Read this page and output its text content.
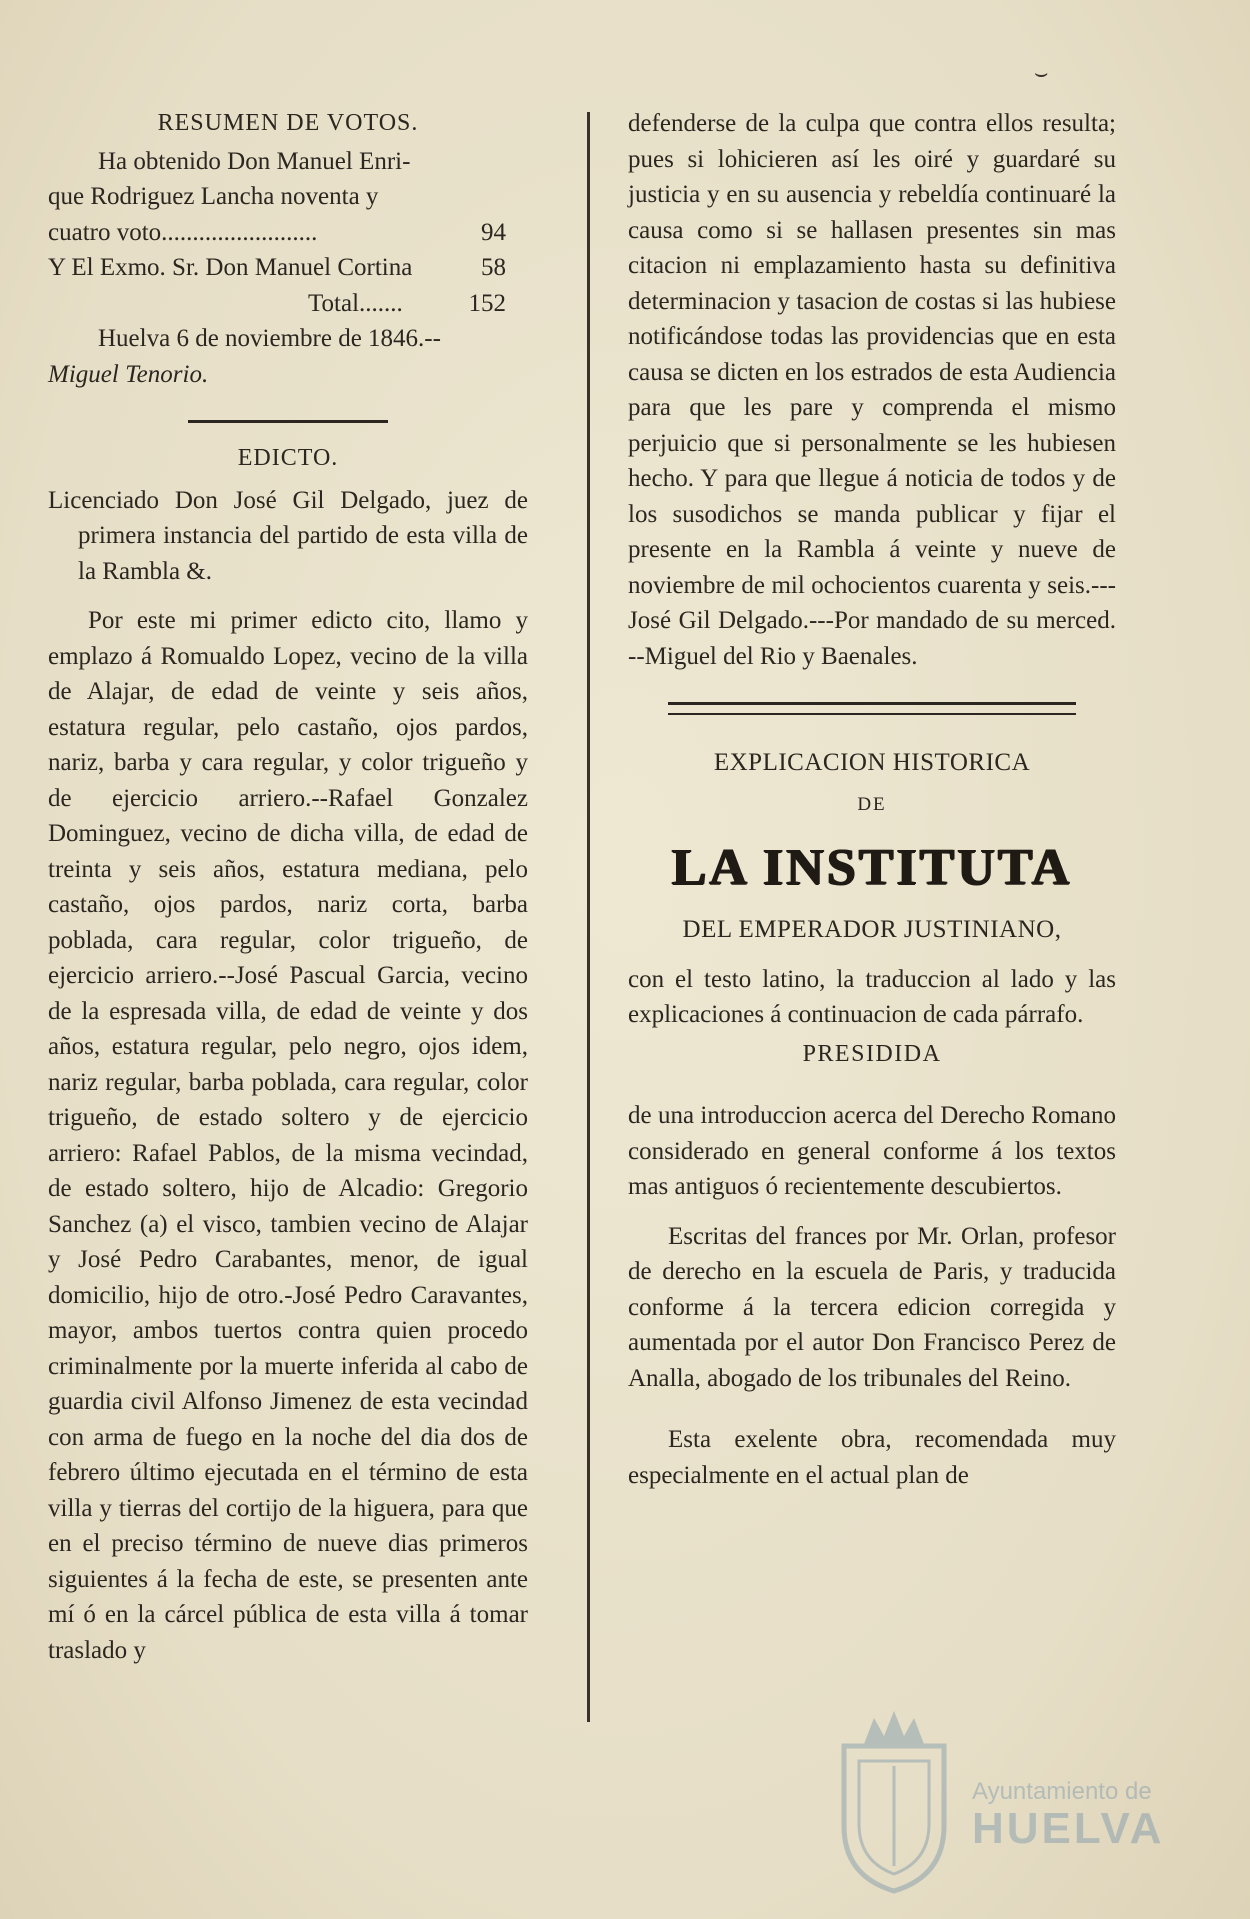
⌣
RESUMEN DE VOTOS.

Ha obtenido Don Manuel Enri-

que Rodriguez Lancha noventa y

cuatro voto.........................	94
Y El Exmo. Sr. Don Manuel Cortina	58
Total.......	152

Huelva 6 de noviembre de 1846.--

Miguel Tenorio.

EDICTO.

Licenciado Don José Gil Delgado, juez de primera instancia del partido de esta villa de la Rambla &.

Por este mi primer edicto cito, llamo y emplazo á Romualdo Lopez, vecino de la villa de Alajar, de edad de veinte y seis años, estatura regular, pelo castaño, ojos pardos, nariz, barba y cara regular, y color trigueño y de ejercicio arriero.--Rafael Gonzalez Dominguez, vecino de dicha villa, de edad de treinta y seis años, estatura mediana, pelo castaño, ojos pardos, nariz corta, barba poblada, cara regular, color trigueño, de ejercicio arriero.--José Pascual Garcia, vecino de la espresada villa, de edad de veinte y dos años, estatura regular, pelo negro, ojos idem, nariz regular, barba poblada, cara regular, color trigueño, de estado soltero y de ejercicio arriero: Rafael Pablos, de la misma vecindad, de estado soltero, hijo de Alcadio: Gregorio Sanchez (a) el visco, tambien vecino de Alajar y José Pedro Carabantes, menor, de igual domicilio, hijo de otro.-José Pedro Caravantes, mayor, ambos tuertos contra quien procedo criminalmente por la muerte inferida al cabo de guardia civil Alfonso Jimenez de esta vecindad con arma de fuego en la noche del dia dos de febrero último ejecutada en el término de esta villa y tierras del cortijo de la higuera, para que en el preciso término de nueve dias primeros siguientes á la fecha de este, se presenten ante mí ó en la cárcel pública de esta villa á tomar traslado y

defenderse de la culpa que contra ellos resulta; pues si lohicieren así les oiré y guardaré su justicia y en su ausencia y rebeldía continuaré la causa como si se hallasen presentes sin mas citacion ni emplazamiento hasta su definitiva determinacion y tasacion de costas si las hubiese notificándose todas las providencias que en esta causa se dicten en los estrados de esta Audiencia para que les pare y comprenda el mismo perjuicio que si personalmente se les hubiesen hecho. Y para que llegue á noticia de todos y de los susodichos se manda publicar y fijar el presente en la Rambla á veinte y nueve de noviembre de mil ochocientos cuarenta y seis.---José Gil Delgado.---Por mandado de su merced. --Miguel del Rio y Baenales.

EXPLICACION HISTORICA
DE
LA INSTITUTA
DEL EMPERADOR JUSTINIANO,

con el testo latino, la traduccion al lado y las explicaciones á continuacion de cada párrafo.

PRESIDIDA

de una introduccion acerca del Derecho Romano considerado en general conforme á los textos mas antiguos ó recientemente descubiertos.

Escritas del frances por Mr. Orlan, profesor de derecho en la escuela de Paris, y traducida conforme á la tercera edicion corregida y aumentada por el autor Don Francisco Perez de Analla, abogado de los tribunales del Reino.

Esta exelente obra, recomendada muy especialmente en el actual plan de

Ayuntamiento de
HUELVA
